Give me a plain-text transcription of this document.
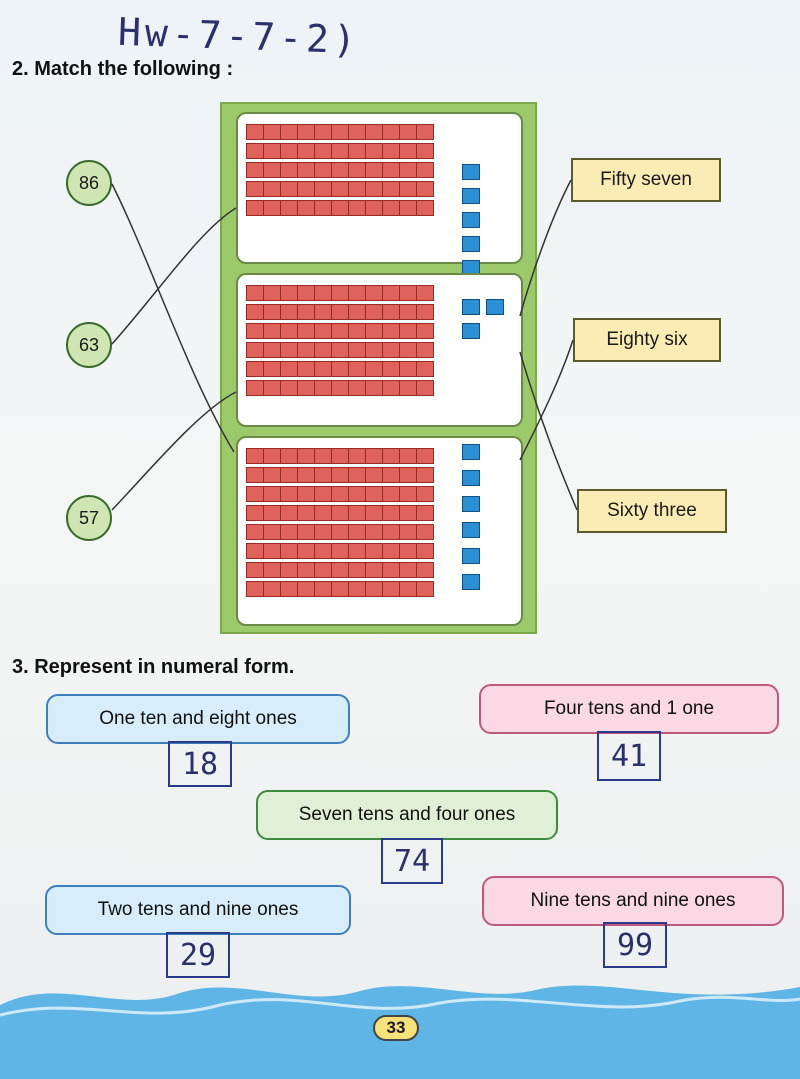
Hw-7-7-2)
2. Match the following :
86
63
57
Fifty seven
Eighty six
Sixty three
3. Represent in numeral form.
One ten and eight ones
18
Four tens and 1 one
41
Seven tens and four ones
74
Two tens and nine ones
29
Nine tens and nine ones
99
33
